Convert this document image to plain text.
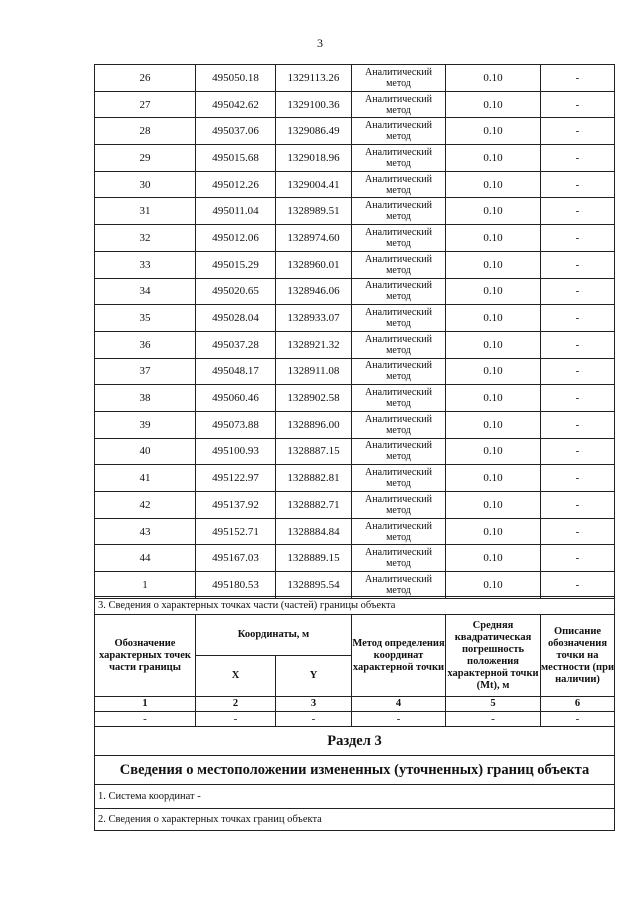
3
26	495050.18	1329113.26	Аналитический метод	0.10	-
27	495042.62	1329100.36	Аналитический метод	0.10	-
28	495037.06	1329086.49	Аналитический метод	0.10	-
29	495015.68	1329018.96	Аналитический метод	0.10	-
30	495012.26	1329004.41	Аналитический метод	0.10	-
31	495011.04	1328989.51	Аналитический метод	0.10	-
32	495012.06	1328974.60	Аналитический метод	0.10	-
33	495015.29	1328960.01	Аналитический метод	0.10	-
34	495020.65	1328946.06	Аналитический метод	0.10	-
35	495028.04	1328933.07	Аналитический метод	0.10	-
36	495037.28	1328921.32	Аналитический метод	0.10	-
37	495048.17	1328911.08	Аналитический метод	0.10	-
38	495060.46	1328902.58	Аналитический метод	0.10	-
39	495073.88	1328896.00	Аналитический метод	0.10	-
40	495100.93	1328887.15	Аналитический метод	0.10	-
41	495122.97	1328882.81	Аналитический метод	0.10	-
42	495137.92	1328882.71	Аналитический метод	0.10	-
43	495152.71	1328884.84	Аналитический метод	0.10	-
44	495167.03	1328889.15	Аналитический метод	0.10	-
1	495180.53	1328895.54	Аналитический метод	0.10	-
3. Сведения о характерных точках части (частей) границы объекта					
Обозначение характерных точек части границы	Координаты, м		Метод определения координат характерной точки	Средняя квадратическая погрешность положения характерной точки (Mt), м	Описание обозначения точки на местности (при наличии)
	X	Y			
1	2	3	4	5	6
-	-	-	-	-	-
Раздел 3					
Сведения о местоположении измененных (уточненных) границ объекта					
1. Система координат -					
2. Сведения о характерных точках границ объекта					
